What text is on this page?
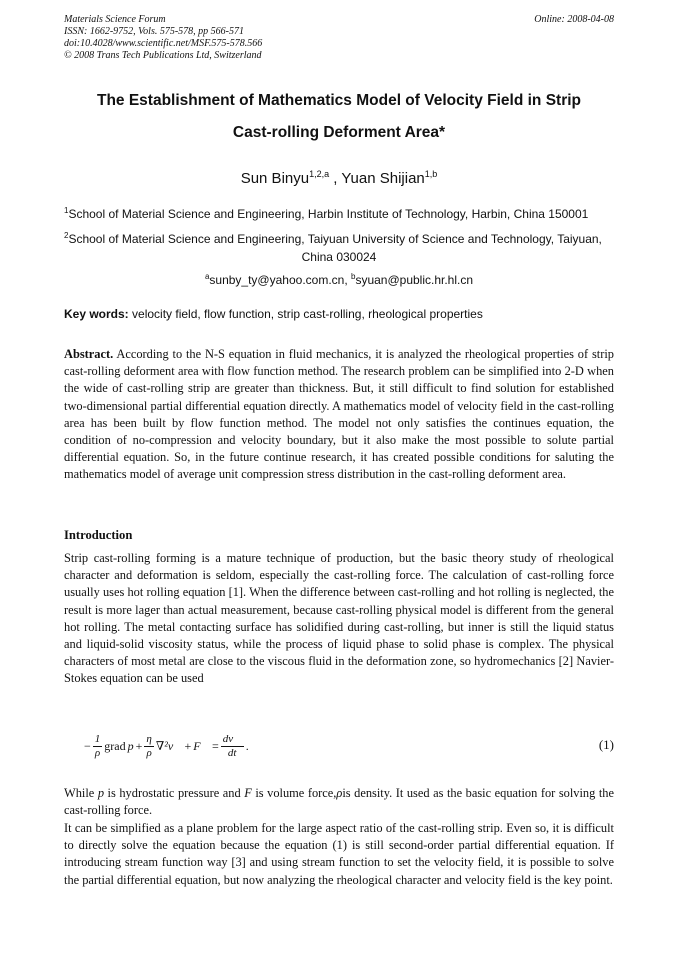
Materials Science Forum
ISSN: 1662-9752, Vols. 575-578, pp 566-571
doi:10.4028/www.scientific.net/MSF.575-578.566
© 2008 Trans Tech Publications Ltd, Switzerland
Online: 2008-04-08
The Establishment of Mathematics Model of Velocity Field in Strip
Cast-rolling Deforment Area*
Sun Binyu$^{1,2,a}$ , Yuan Shijian$^{1,b}$
$^1$School of Material Science and Engineering, Harbin Institute of Technology, Harbin, China 150001
$^2$School of Material Science and Engineering, Taiyuan University of Science and Technology, Taiyuan,
China 030024
$^a$sunby_ty@yahoo.com.cn, $^b$syuan@public.hr.hl.cn
Key words: velocity field, flow function, strip cast-rolling, rheological properties
Abstract. According to the N-S equation in fluid mechanics, it is analyzed the rheological properties of strip cast-rolling deforment area with flow function method. The research problem can be simplified into 2-D when the wide of cast-rolling strip are greater than thickness. But, it still difficult to find solution for established two-dimensional partial differential equation directly. A mathematics model of velocity field in the cast-rolling area has been built by flow function method. The model not only satisfies the continues equation, the condition of no-compression and velocity boundary, but it also make the most possible to solute partial differential equation. So, in the future continue research, it has created possible conditions for saluting the mathematics model of average unit compression stress distribution in the cast-rolling deforment area.
Introduction
Strip cast-rolling forming is a mature technique of production, but the basic theory study of rheological character and deformation is seldom, especially the cast-rolling force. The calculation of cast-rolling force usually uses hot rolling equation [1]. When the difference between cast-rolling and hot rolling is neglected, the result is more lager than actual measurement, because cast-rolling physical model is different from the general hot rolling. The metal contacting surface has solidified during cast-rolling, but inner is still the liquid status and liquid-solid viscosity status, while the process of liquid phase to solid phase is complex. The physical characters of most metal are close to the viscous fluid in the deformation zone, so hydromechanics [2] Navier-Stokes equation can be used
− $\frac{1}{\rho}$ grad $p + \frac{\eta}{\rho}$ ∇²v⃗ + F⃗ = $\frac{dv⃗}{dt}$ .	(1)
While p is hydrostatic pressure and F is volume force,ρis density. It used as the basic equation for solving the cast-rolling force.
It can be simplified as a plane problem for the large aspect ratio of the cast-rolling strip. Even so, it is difficult to directly solve the equation because the equation (1) is still second-order partial differential equation. If introducing stream function way [3] and using stream function to set the velocity field, it is possible to solve the partial differential equation, but now analyzing the rheological character and velocity field is the key point.
